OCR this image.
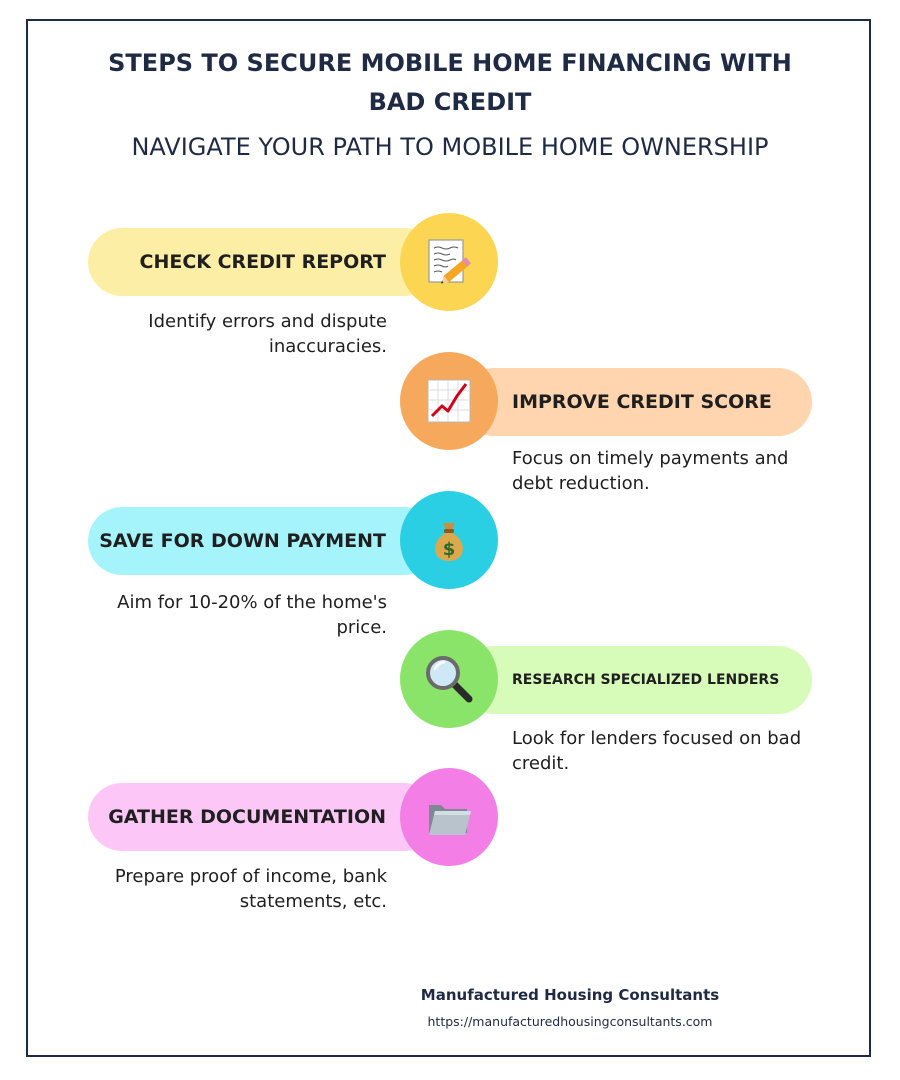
STEPS TO SECURE MOBILE HOME FINANCING WITH BAD CREDIT
NAVIGATE YOUR PATH TO MOBILE HOME OWNERSHIP
CHECK CREDIT REPORT

Identify errors and dispute inaccuracies.

IMPROVE CREDIT SCORE

Focus on timely payments and debt reduction.

SAVE FOR DOWN PAYMENT	$

Aim for 10-20% of the home's price.

RESEARCH SPECIALIZED LENDERS

Look for lenders focused on bad credit.

GATHER DOCUMENTATION

Prepare proof of income, bank statements, etc.

Manufactured Housing Consultants
https://manufacturedhousingconsultants.com
